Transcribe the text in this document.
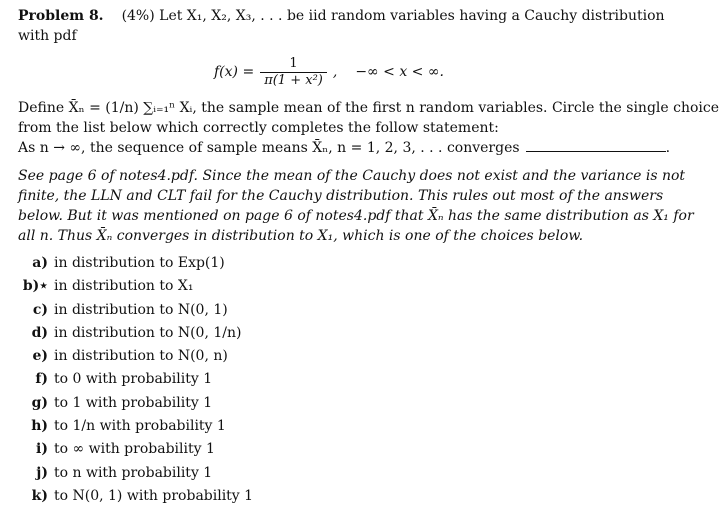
Problem 8. (4%) Let X₁, X₂, X₃, . . . be iid random variables having a Cauchy distribution
with pdf
$f(x) = \frac{1}{\text{π(1 + x²)}}$ , −∞ < x < ∞.
Define X̄ₙ = (1/n) ∑ᵢ₌₁ⁿ Xᵢ, the sample mean of the first n random variables. Circle the single choice
from the list below which correctly completes the follow statement:
As n → ∞, the sequence of sample means X̄ₙ, n = 1, 2, 3, . . . converges	.
See page 6 of notes4.pdf. Since the mean of the Cauchy does not exist and the variance is not
finite, the LLN and CLT fail for the Cauchy distribution. This rules out most of the answers
below. But it was mentioned on page 6 of notes4.pdf that X̄ₙ has the same distribution as X₁ for
all n. Thus X̄ₙ converges in distribution to X₁, which is one of the choices below.
a) in distribution to Exp(1)
b)⋆ in distribution to X₁
c) in distribution to N(0, 1)
d) in distribution to N(0, 1/n)
e) in distribution to N(0, n)
f) to 0 with probability 1
g) to 1 with probability 1
h) to 1/n with probability 1
i) to ∞ with probability 1
j) to n with probability 1
k) to N(0, 1) with probability 1
